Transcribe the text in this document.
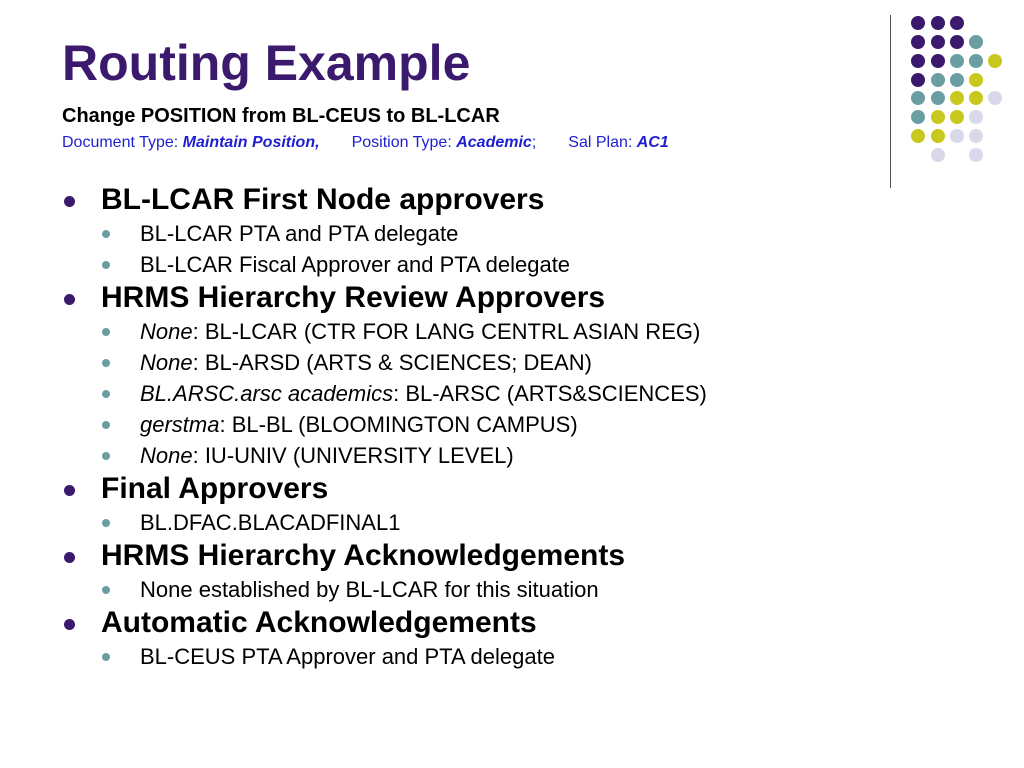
Routing Example

Change POSITION from BL-CEUS to BL-LCAR

Document Type: Maintain Position, Position Type: Academic; Sal Plan: AC1

BL-LCAR First Node approvers
BL-LCAR PTA and PTA delegate
BL-LCAR Fiscal Approver and PTA delegate
HRMS Hierarchy Review Approvers
None: BL-LCAR (CTR FOR LANG CENTRL ASIAN REG)
None: BL-ARSD (ARTS & SCIENCES; DEAN)
BL.ARSC.arsc academics: BL-ARSC (ARTS&SCIENCES)
gerstma: BL-BL (BLOOMINGTON CAMPUS)
None: IU-UNIV (UNIVERSITY LEVEL)
Final Approvers
BL.DFAC.BLACADFINAL1
HRMS Hierarchy Acknowledgements
None established by BL-LCAR for this situation
Automatic Acknowledgements
BL-CEUS PTA Approver and PTA delegate
